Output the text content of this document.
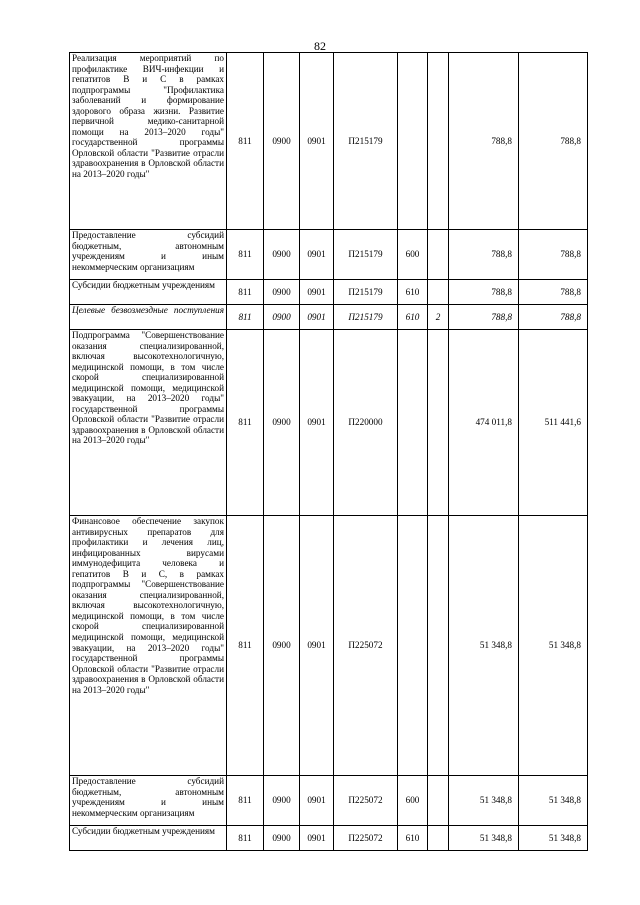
82
Реализация мероприятий по профилактике ВИЧ-инфекции и гепатитов В и С в рамках подпрограммы "Профилактика заболеваний и формирование здорового образа жизни. Развитие первичной медико-санитарной помощи на 2013–2020 годы" государственной программы Орловской области "Развитие отрасли здравоохранения в Орловской области на 2013–2020 годы"	811	0900	0901	П215179			788,8	788,8
Предоставление субсидий бюджетным, автономным учреждениям и иным некоммерческим организациям	811	0900	0901	П215179	600		788,8	788,8
Субсидии бюджетным учреждениям	811	0900	0901	П215179	610		788,8	788,8
Целевые безвозмездные поступления	811	0900	0901	П215179	610	2	788,8	788,8
Подпрограмма "Совершенствование оказания специализированной, включая высокотехнологичную, медицинской помощи, в том числе скорой специализированной медицинской помощи, медицинской эвакуации, на 2013–2020 годы" государственной программы Орловской области "Развитие отрасли здравоохранения в Орловской области на 2013–2020 годы"	811	0900	0901	П220000			474 011,8	511 441,6
Финансовое обеспечение закупок антивирусных препаратов для профилактики и лечения лиц, инфицированных вирусами иммунодефицита человека и гепатитов В и С, в рамках подпрограммы "Совершенствование оказания специализированной, включая высокотехнологичную, медицинской помощи, в том числе скорой специализированной медицинской помощи, медицинской эвакуации, на 2013–2020 годы" государственной программы Орловской области "Развитие отрасли здравоохранения в Орловской области на 2013–2020 годы"	811	0900	0901	П225072			51 348,8	51 348,8
Предоставление субсидий бюджетным, автономным учреждениям и иным некоммерческим организациям	811	0900	0901	П225072	600		51 348,8	51 348,8
Субсидии бюджетным учреждениям	811	0900	0901	П225072	610		51 348,8	51 348,8
